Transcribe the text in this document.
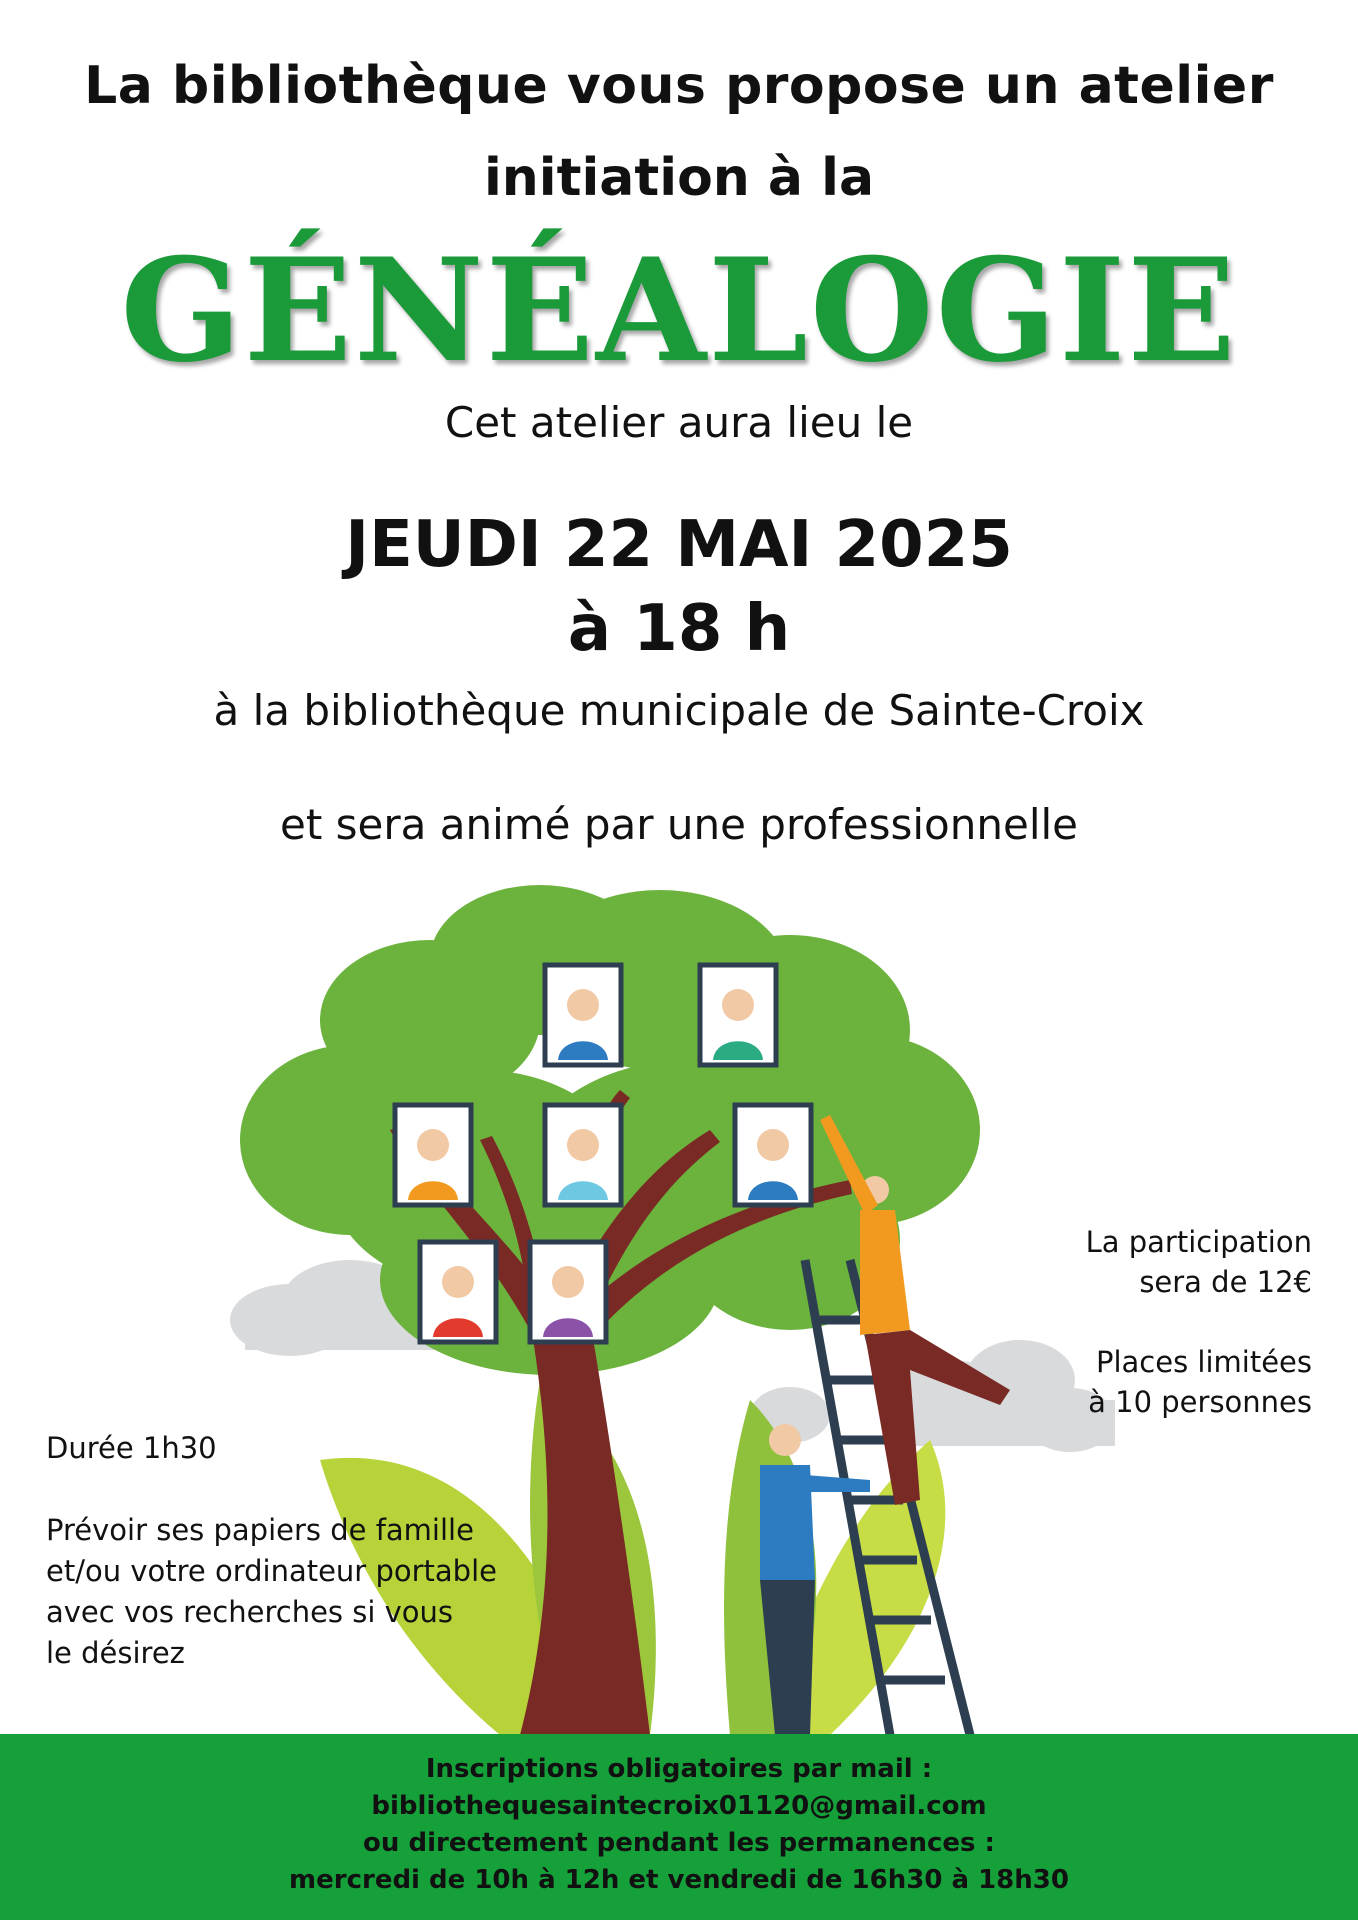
La bibliothèque vous propose un atelier
initiation à la
GÉNÉALOGIE
Cet atelier aura lieu le
JEUDI 22 MAI 2025
à 18 h
à la bibliothèque municipale de Sainte-Croix
et sera animé par une professionnelle

La participation

sera de 12€

Places limitées

à 10 personnes

Durée 1h30

Prévoir ses papiers de famille

et/ou votre ordinateur portable

avec vos recherches si vous

le désirez

Inscriptions obligatoires par mail :
bibliothequesaintecroix01120@gmail.com
ou directement pendant les permanences :
mercredi de 10h à 12h et vendredi de 16h30 à 18h30
